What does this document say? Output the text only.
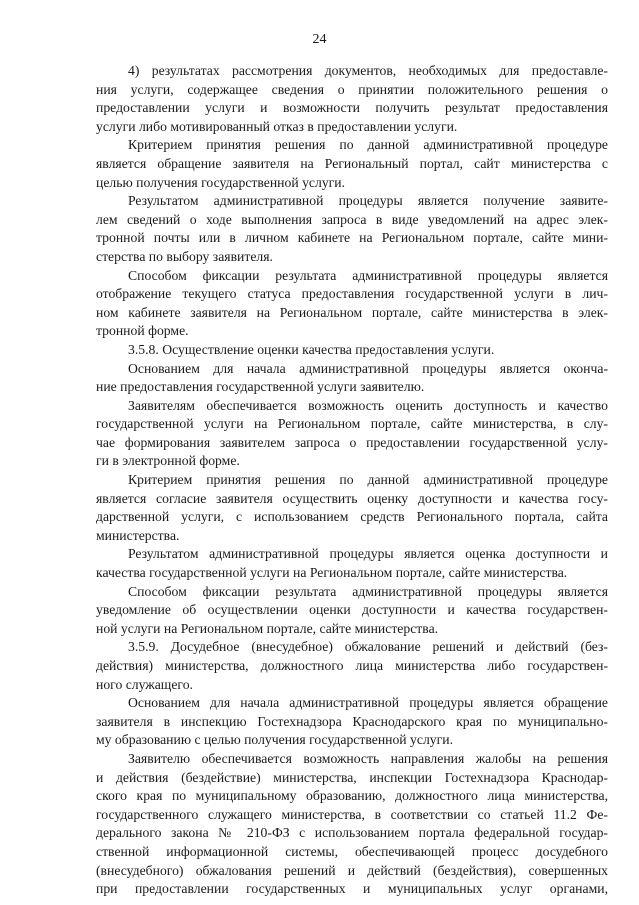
24
4) результатах рассмотрения документов, необходимых для предоставле-
ния услуги, содержащее сведения о принятии положительного решения о
предоставлении услуги и возможности получить результат предоставления
услуги либо мотивированный отказ в предоставлении услуги.
Критерием принятия решения по данной административной процедуре
является обращение заявителя на Региональный портал, сайт министерства с
целью получения государственной услуги.
Результатом административной процедуры является получение заявите-
лем сведений о ходе выполнения запроса в виде уведомлений на адрес элек-
тронной почты или в личном кабинете на Региональном портале, сайте мини-
стерства по выбору заявителя.
Способом фиксации результата административной процедуры является
отображение текущего статуса предоставления государственной услуги в лич-
ном кабинете заявителя на Региональном портале, сайте министерства в элек-
тронной форме.
3.5.8. Осуществление оценки качества предоставления услуги.
Основанием для начала административной процедуры является оконча-
ние предоставления государственной услуги заявителю.
Заявителям обеспечивается возможность оценить доступность и качество
государственной услуги на Региональном портале, сайте министерства, в слу-
чае формирования заявителем запроса о предоставлении государственной услу-
ги в электронной форме.
Критерием принятия решения по данной административной процедуре
является согласие заявителя осуществить оценку доступности и качества госу-
дарственной услуги, с использованием средств Регионального портала, сайта
министерства.
Результатом административной процедуры является оценка доступности и
качества государственной услуги на Региональном портале, сайте министерства.
Способом фиксации результата административной процедуры является
уведомление об осуществлении оценки доступности и качества государствен-
ной услуги на Региональном портале, сайте министерства.
3.5.9. Досудебное (внесудебное) обжалование решений и действий (без-
действия) министерства, должностного лица министерства либо государствен-
ного служащего.
Основанием для начала административной процедуры является обращение
заявителя в инспекцию Гостехнадзора Краснодарского края по муниципально-
му образованию с целью получения государственной услуги.
Заявителю обеспечивается возможность направления жалобы на решения
и действия (бездействие) министерства, инспекции Гостехнадзора Краснодар-
ского края по муниципальному образованию, должностного лица министерства,
государственного служащего министерства, в соответствии со статьей 11.2 Фе-
дерального закона № 210-ФЗ с использованием портала федеральной государ-
ственной информационной системы, обеспечивающей процесс досудебного
(внесудебного) обжалования решений и действий (бездействия), совершенных
при предоставлении государственных и муниципальных услуг органами,
